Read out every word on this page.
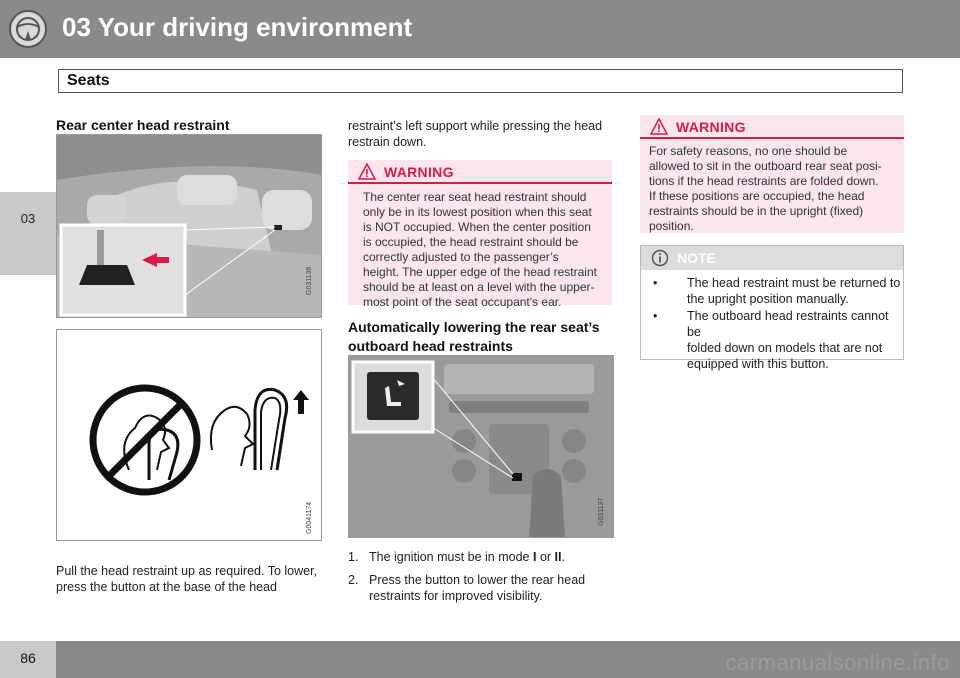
03 Your driving environment
Seats
03
Rear center head restraint
G031136
G0041174

Pull the head restraint up as required. To lower,

press the button at the base of the head

restraint’s left support while pressing the head

restrain down.

WARNING
The center rear seat head restraint should
only be in its lowest position when this seat
is NOT occupied. When the center position
is occupied, the head restraint should be
correctly adjusted to the passenger’s
height. The upper edge of the head restraint
should be at least on a level with the upper-
most point of the seat occupant's ear.
Automatically lowering the rear seat’s
outboard head restraints
G031137
1. The ignition must be in mode I or II.
2. Press the button to lower the rear head
restraints for improved visibility.
WARNING
For safety reasons, no one should be
allowed to sit in the outboard rear seat posi-
tions if the head restraints are folded down.
If these positions are occupied, the head
restraints should be in the upright (fixed)
position.
NOTE
• The head restraint must be returned to
the upright position manually.
• The outboard head restraints cannot be
folded down on models that are not
equipped with this button.
86	carmanualsonline.info
